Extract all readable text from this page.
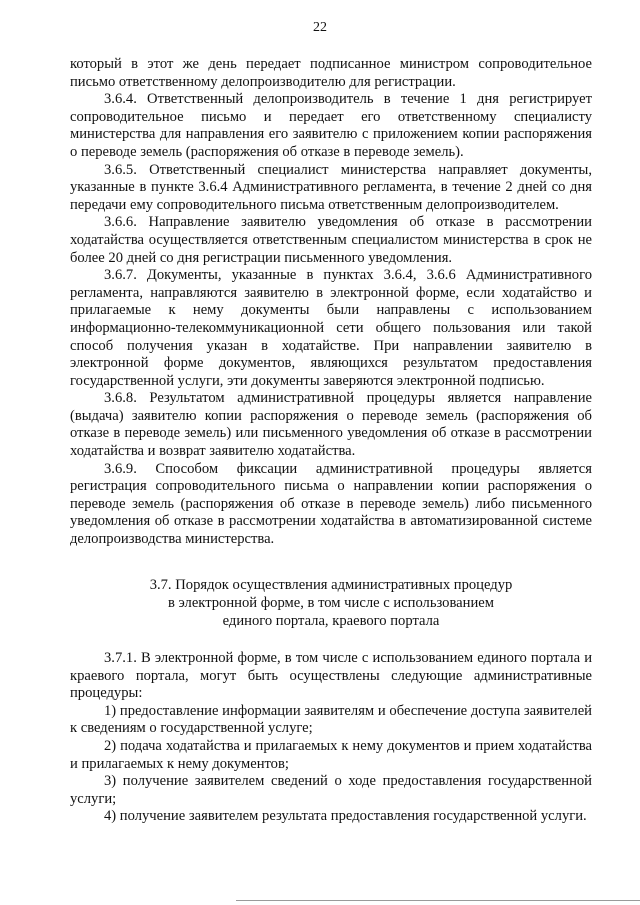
22

который в этот же день передает подписанное министром сопроводительное письмо ответственному делопроизводителю для регистрации.

3.6.4. Ответственный делопроизводитель в течение 1 дня регистрирует сопроводительное письмо и передает его ответственному специалисту министерства для направления его заявителю с приложением копии распоряжения о переводе земель (распоряжения об отказе в переводе земель).

3.6.5. Ответственный специалист министерства направляет документы, указанные в пункте 3.6.4 Административного регламента, в течение 2 дней со дня передачи ему сопроводительного письма ответственным делопроизводителем.

3.6.6. Направление заявителю уведомления об отказе в рассмотрении ходатайства осуществляется ответственным специалистом министерства в срок не более 20 дней со дня регистрации письменного уведомления.

3.6.7. Документы, указанные в пунктах 3.6.4, 3.6.6 Административного регламента, направляются заявителю в электронной форме, если ходатайство и прилагаемые к нему документы были направлены с использованием информационно-телекоммуникационной сети общего пользования или такой способ получения указан в ходатайстве. При направлении заявителю в электронной форме документов, являющихся результатом предоставления государственной услуги, эти документы заверяются электронной подписью.

3.6.8. Результатом административной процедуры является направление (выдача) заявителю копии распоряжения о переводе земель (распоряжения об отказе в переводе земель) или письменного уведомления об отказе в рассмотрении ходатайства и возврат заявителю ходатайства.

3.6.9. Способом фиксации административной процедуры является регистрация сопроводительного письма о направлении копии распоряжения о переводе земель (распоряжения об отказе в переводе земель) либо письменного уведомления об отказе в рассмотрении ходатайства в автоматизированной системе делопроизводства министерства.

3.7. Порядок осуществления административных процедур
в электронной форме, в том числе с использованием
единого портала, краевого портала

3.7.1. В электронной форме, в том числе с использованием единого портала и краевого портала, могут быть осуществлены следующие административные процедуры:

1) предоставление информации заявителям и обеспечение доступа заявителей к сведениям о государственной услуге;

2) подача ходатайства и прилагаемых к нему документов и прием ходатайства и прилагаемых к нему документов;

3) получение заявителем сведений о ходе предоставления государственной услуги;

4) получение заявителем результата предоставления государственной услуги.
